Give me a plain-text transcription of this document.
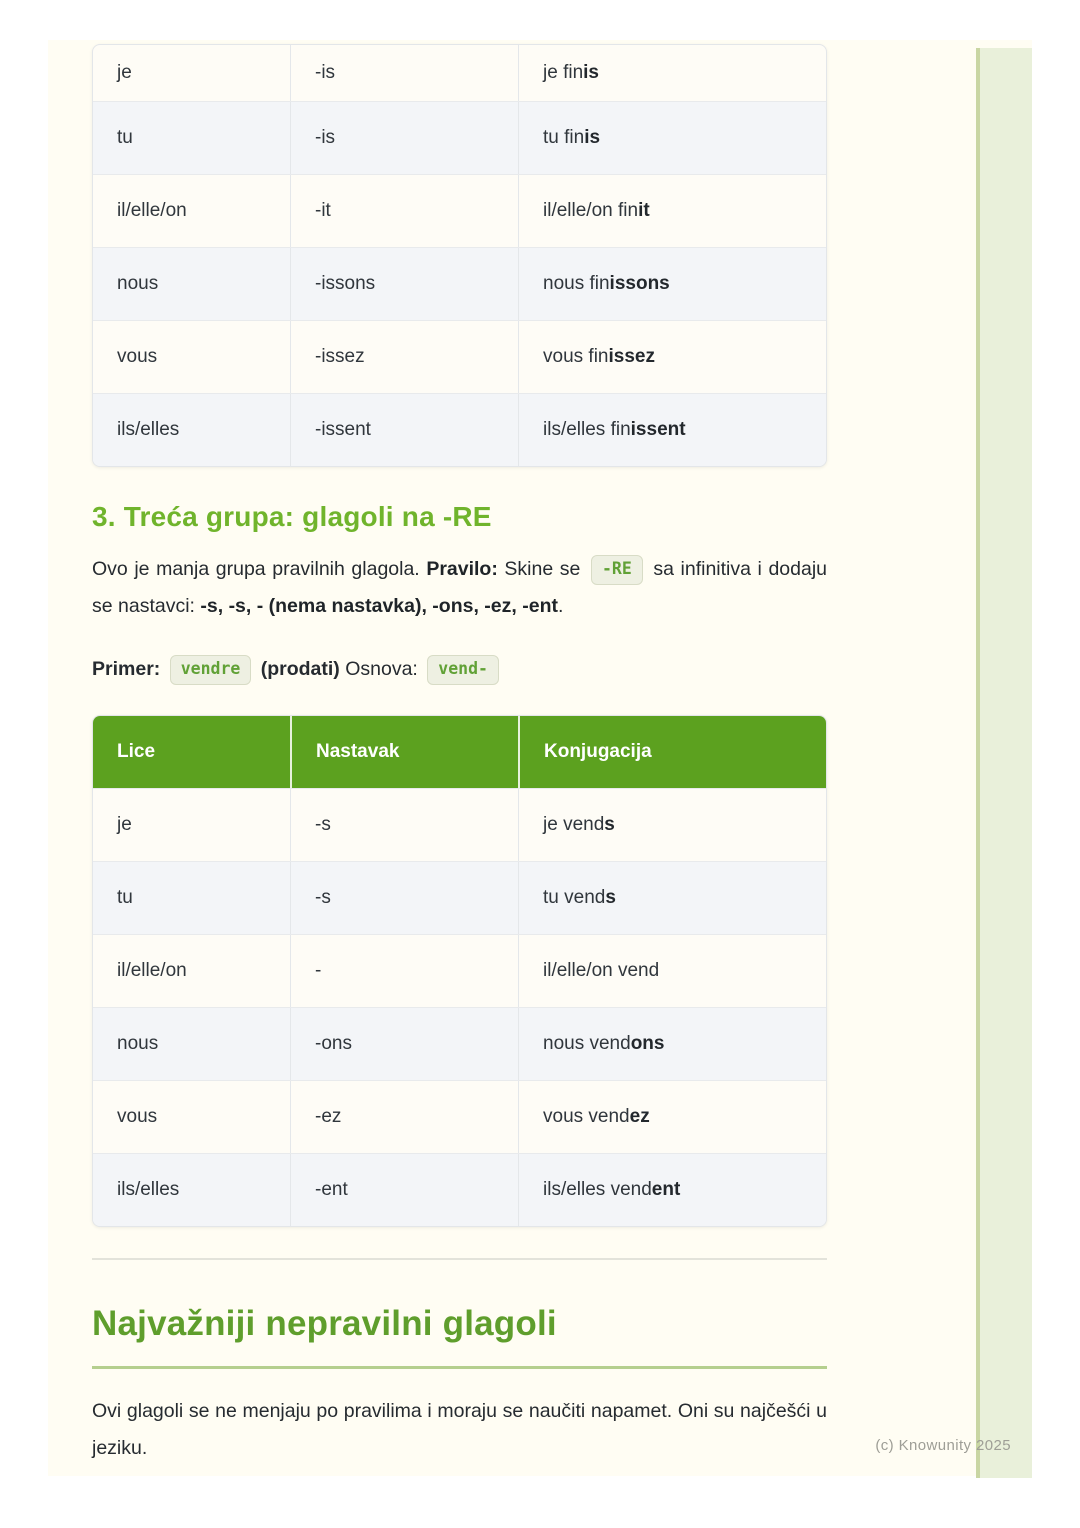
je	-is	je finis
tu	-is	tu finis
il/elle/on	-it	il/elle/on finit
nous	-issons	nous finissons
vous	-issez	vous finissez
ils/elles	-issent	ils/elles finissent
3. Treća grupa: glagoli na -RE
Ovo je manja grupa pravilnih glagola. Pravilo: Skine se -RE sa infinitiva i dodaju se nastavci: -s, -s, - (nema nastavka), -ons, -ez, -ent.
Primer: vendre (prodati) Osnova: vend-
Lice	Nastavak	Konjugacija
je	-s	je vends
tu	-s	tu vends
il/elle/on	-	il/elle/on vend
nous	-ons	nous vendons
vous	-ez	vous vendez
ils/elles	-ent	ils/elles vendent
Najvažniji nepravilni glagoli
Ovi glagoli se ne menjaju po pravilima i moraju se naučiti napamet. Oni su najčešći u jeziku.	(c) Knowunity 2025
